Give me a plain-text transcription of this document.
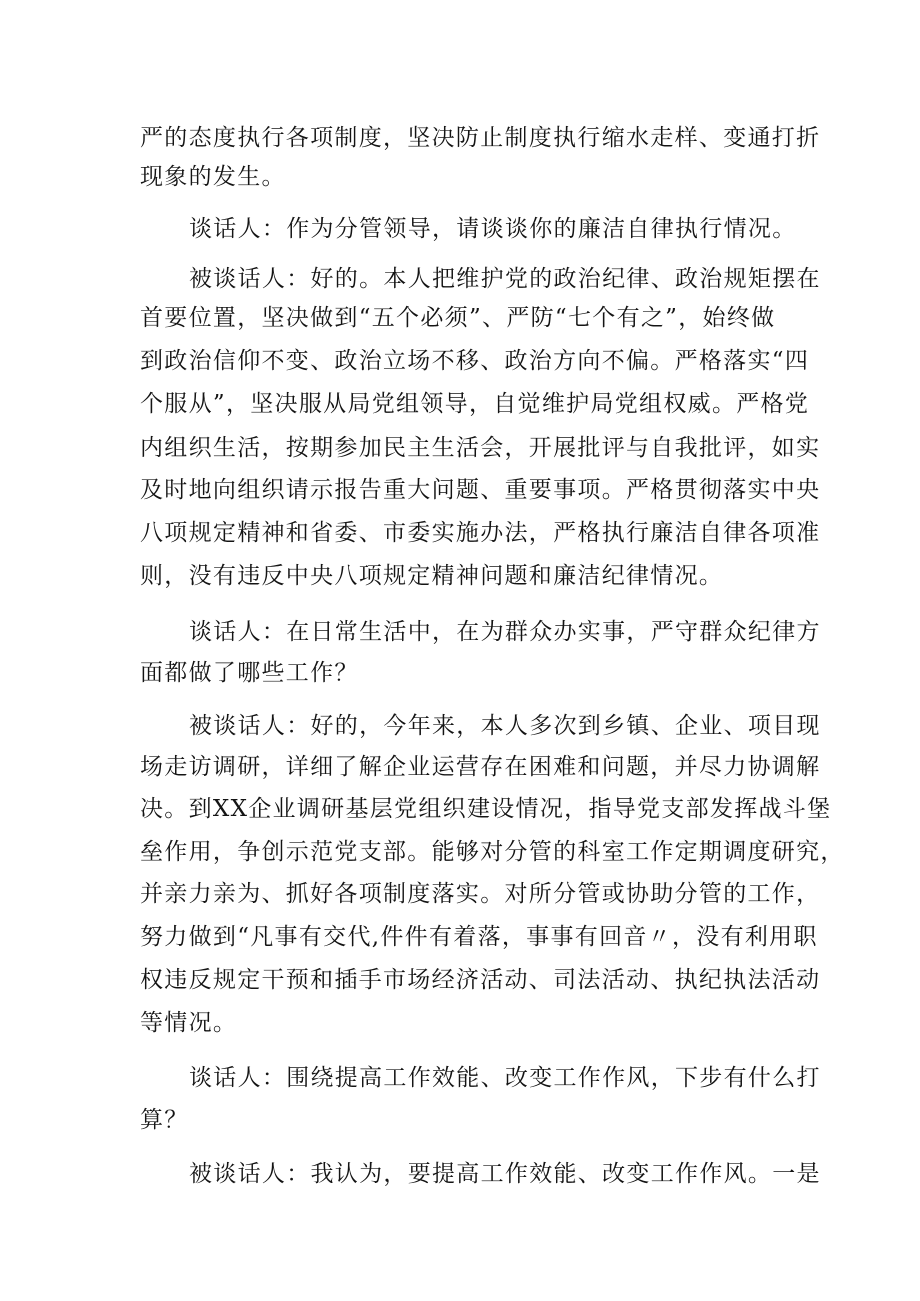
严的态度执行各项制度，坚决防止制度执行缩水走样、变通打折
现象的发生。
谈话人：作为分管领导，请谈谈你的廉洁自律执行情况。
被谈话人：好的。本人把维护党的政治纪律、政治规矩摆在
首要位置，坚决做到“五个必须”、严防“七个有之”，始终做
到政治信仰不变、政治立场不移、政治方向不偏。严格落实“四
个服从”，坚决服从局党组领导，自觉维护局党组权威。严格党
内组织生活，按期参加民主生活会，开展批评与自我批评，如实
及时地向组织请示报告重大问题、重要事项。严格贯彻落实中央
八项规定精神和省委、市委实施办法，严格执行廉洁自律各项准
则，没有违反中央八项规定精神问题和廉洁纪律情况。
谈话人：在日常生活中，在为群众办实事，严守群众纪律方
面都做了哪些工作？
被谈话人：好的，今年来，本人多次到乡镇、企业、项目现
场走访调研，详细了解企业运营存在困难和问题，并尽力协调解
决。到XX企业调研基层党组织建设情况，指导党支部发挥战斗堡
垒作用，争创示范党支部。能够对分管的科室工作定期调度研究，
并亲力亲为、抓好各项制度落实。对所分管或协助分管的工作，
努力做到“凡事有交代,件件有着落，事事有回音〃，没有利用职
权违反规定干预和插手市场经济活动、司法活动、执纪执法活动
等情况。
谈话人：围绕提高工作效能、改变工作作风，下步有什么打
算？
被谈话人：我认为，要提高工作效能、改变工作作风。一是
